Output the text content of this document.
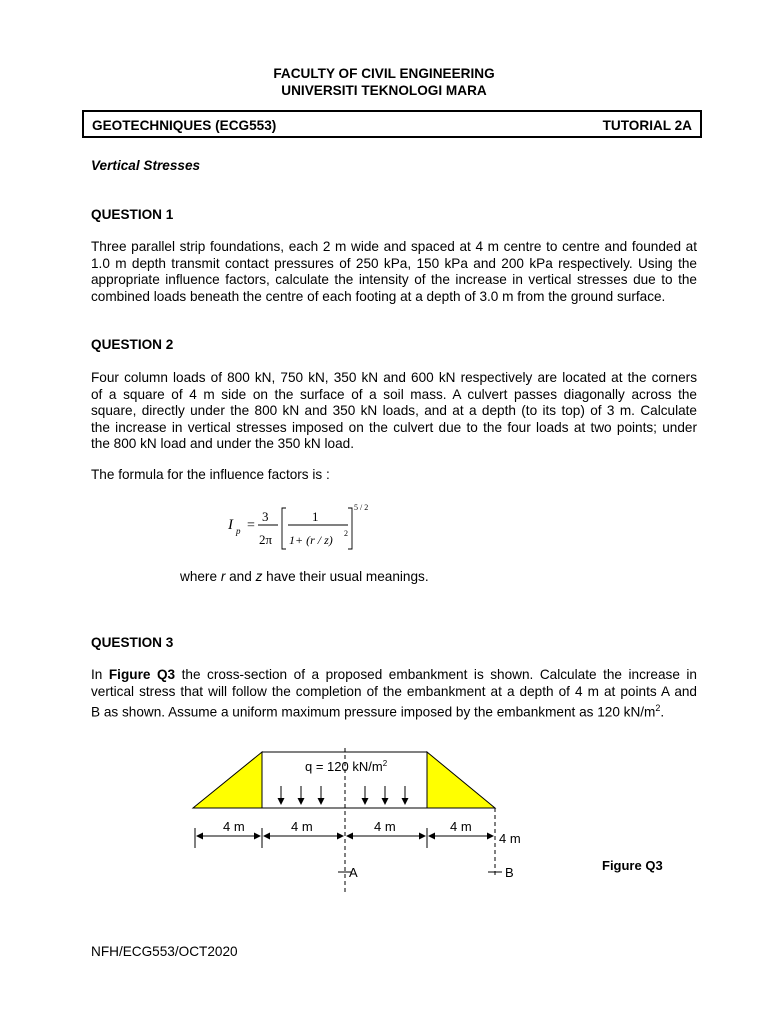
FACULTY OF CIVIL ENGINEERING
UNIVERSITI TEKNOLOGI MARA
GEOTECHNIQUES (ECG553)	TUTORIAL 2A
Vertical Stresses
QUESTION 1
Three parallel strip foundations, each 2 m wide and spaced at 4 m centre to centre and founded at
1.0 m depth transmit contact pressures of 250 kPa, 150 kPa and 200 kPa respectively. Using the
appropriate influence factors, calculate the intensity of the increase in vertical stresses due to the
combined loads beneath the centre of each footing at a depth of 3.0 m from the ground surface.
QUESTION 2
Four column loads of 800 kN, 750 kN, 350 kN and 600 kN respectively are located at the corners
of a square of 4 m side on the surface of a soil mass. A culvert passes diagonally across the
square, directly under the 800 kN and 350 kN loads, and at a depth (to its top) of 3 m. Calculate
the increase in vertical stresses imposed on the culvert due to the four loads at two points; under
the 800 kN load and under the 350 kN load.
The formula for the influence factors is :
I p =
3
2π
1
1+ (r / z) 2
5 / 2
where r and z have their usual meanings.
QUESTION 3
In Figure Q3 the cross-section of a proposed embankment is shown. Calculate the increase in
vertical stress that will follow the completion of the embankment at a depth of 4 m at points A and
B as shown. Assume a uniform maximum pressure imposed by the embankment as 120 $kN/m^2$.
q = 120 $kN/m^2$
4 m	4 m	4 m	4 m
4 m
A	B	Figure Q3
NFH/ECG553/OCT2020
